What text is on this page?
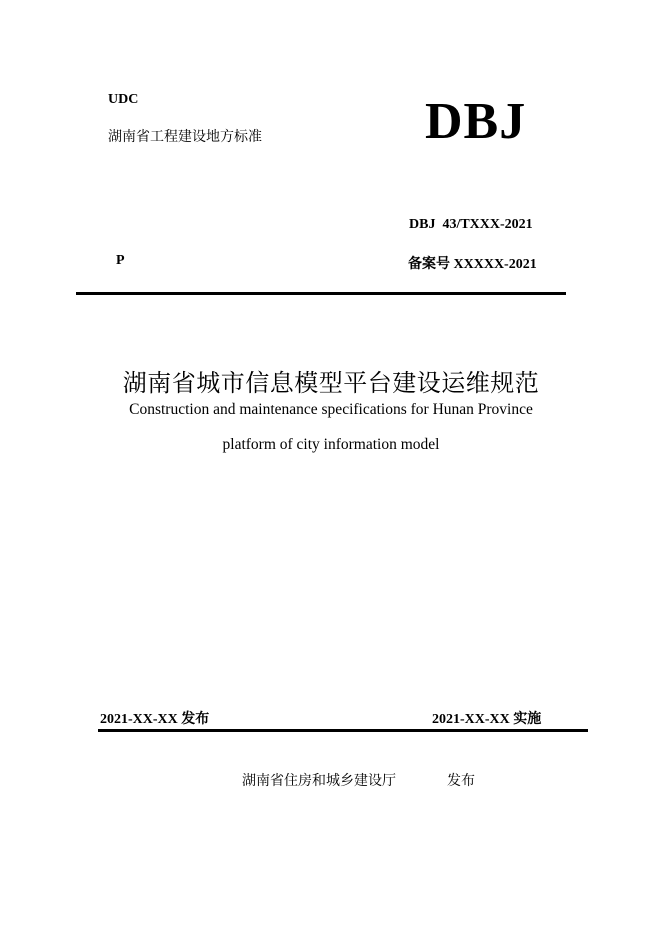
UDC
湖南省工程建设地方标准	DBJ
DBJ  43/TXXX-2021
P	备案号 XXXXX-2021
湖南省城市信息模型平台建设运维规范
Construction and maintenance specifications for Hunan Province
platform of city information model
2021-XX-XX 发布	2021-XX-XX 实施
湖南省住房和城乡建设厅	发布
